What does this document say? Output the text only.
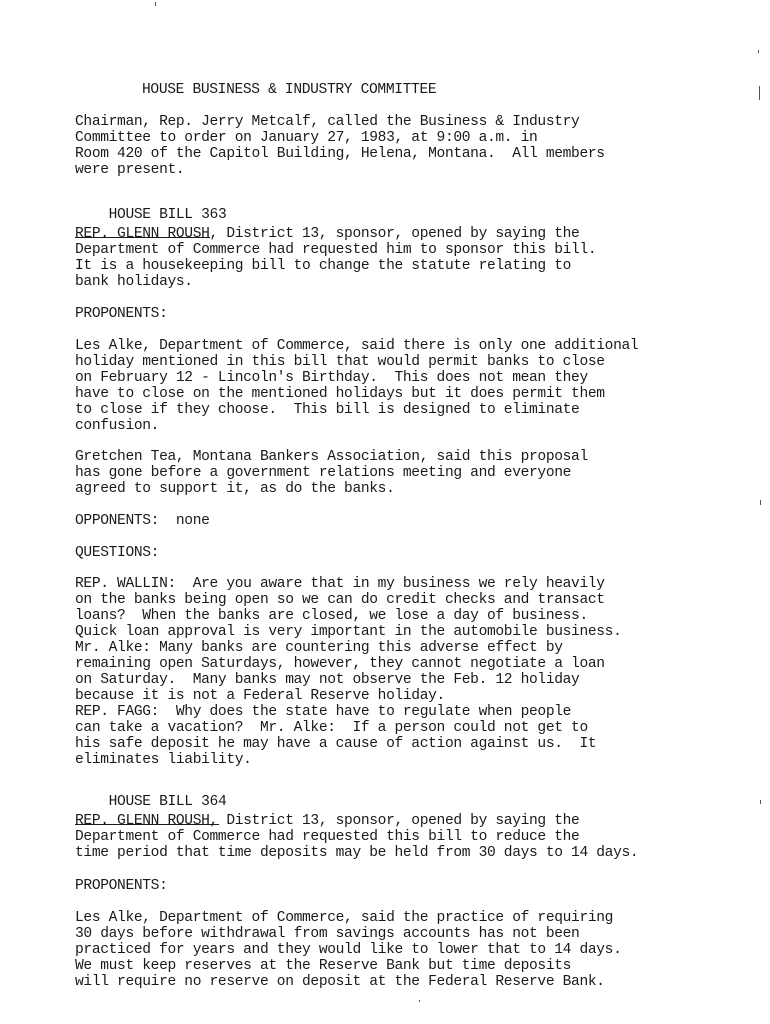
HOUSE BUSINESS & INDUSTRY COMMITTEE
Chairman, Rep. Jerry Metcalf, called the Business & Industry
Committee to order on January 27, 1983, at 9:00 a.m. in
Room 420 of the Capitol Building, Helena, Montana.  All members
were present.

HOUSE BILL 363

REP. GLENN ROUSH, District 13, sponsor, opened by saying the
Department of Commerce had requested him to sponsor this bill.
It is a housekeeping bill to change the statute relating to
bank holidays.
PROPONENTS:
Les Alke, Department of Commerce, said there is only one additional
holiday mentioned in this bill that would permit banks to close
on February 12 - Lincoln's Birthday.  This does not mean they
have to close on the mentioned holidays but it does permit them
to close if they choose.  This bill is designed to eliminate
confusion.
Gretchen Tea, Montana Bankers Association, said this proposal
has gone before a government relations meeting and everyone
agreed to support it, as do the banks.
OPPONENTS:  none
QUESTIONS:
REP. WALLIN:  Are you aware that in my business we rely heavily
on the banks being open so we can do credit checks and transact
loans?  When the banks are closed, we lose a day of business.
Quick loan approval is very important in the automobile business.
Mr. Alke: Many banks are countering this adverse effect by
remaining open Saturdays, however, they cannot negotiate a loan
on Saturday.  Many banks may not observe the Feb. 12 holiday
because it is not a Federal Reserve holiday.
REP. FAGG:  Why does the state have to regulate when people
can take a vacation?  Mr. Alke:  If a person could not get to
his safe deposit he may have a cause of action against us.  It
eliminates liability.

HOUSE BILL 364

REP. GLENN ROUSH, District 13, sponsor, opened by saying the
Department of Commerce had requested this bill to reduce the
time period that time deposits may be held from 30 days to 14 days.
PROPONENTS:
Les Alke, Department of Commerce, said the practice of requiring
30 days before withdrawal from savings accounts has not been
practiced for years and they would like to lower that to 14 days.
We must keep reserves at the Reserve Bank but time deposits
will require no reserve on deposit at the Federal Reserve Bank.
